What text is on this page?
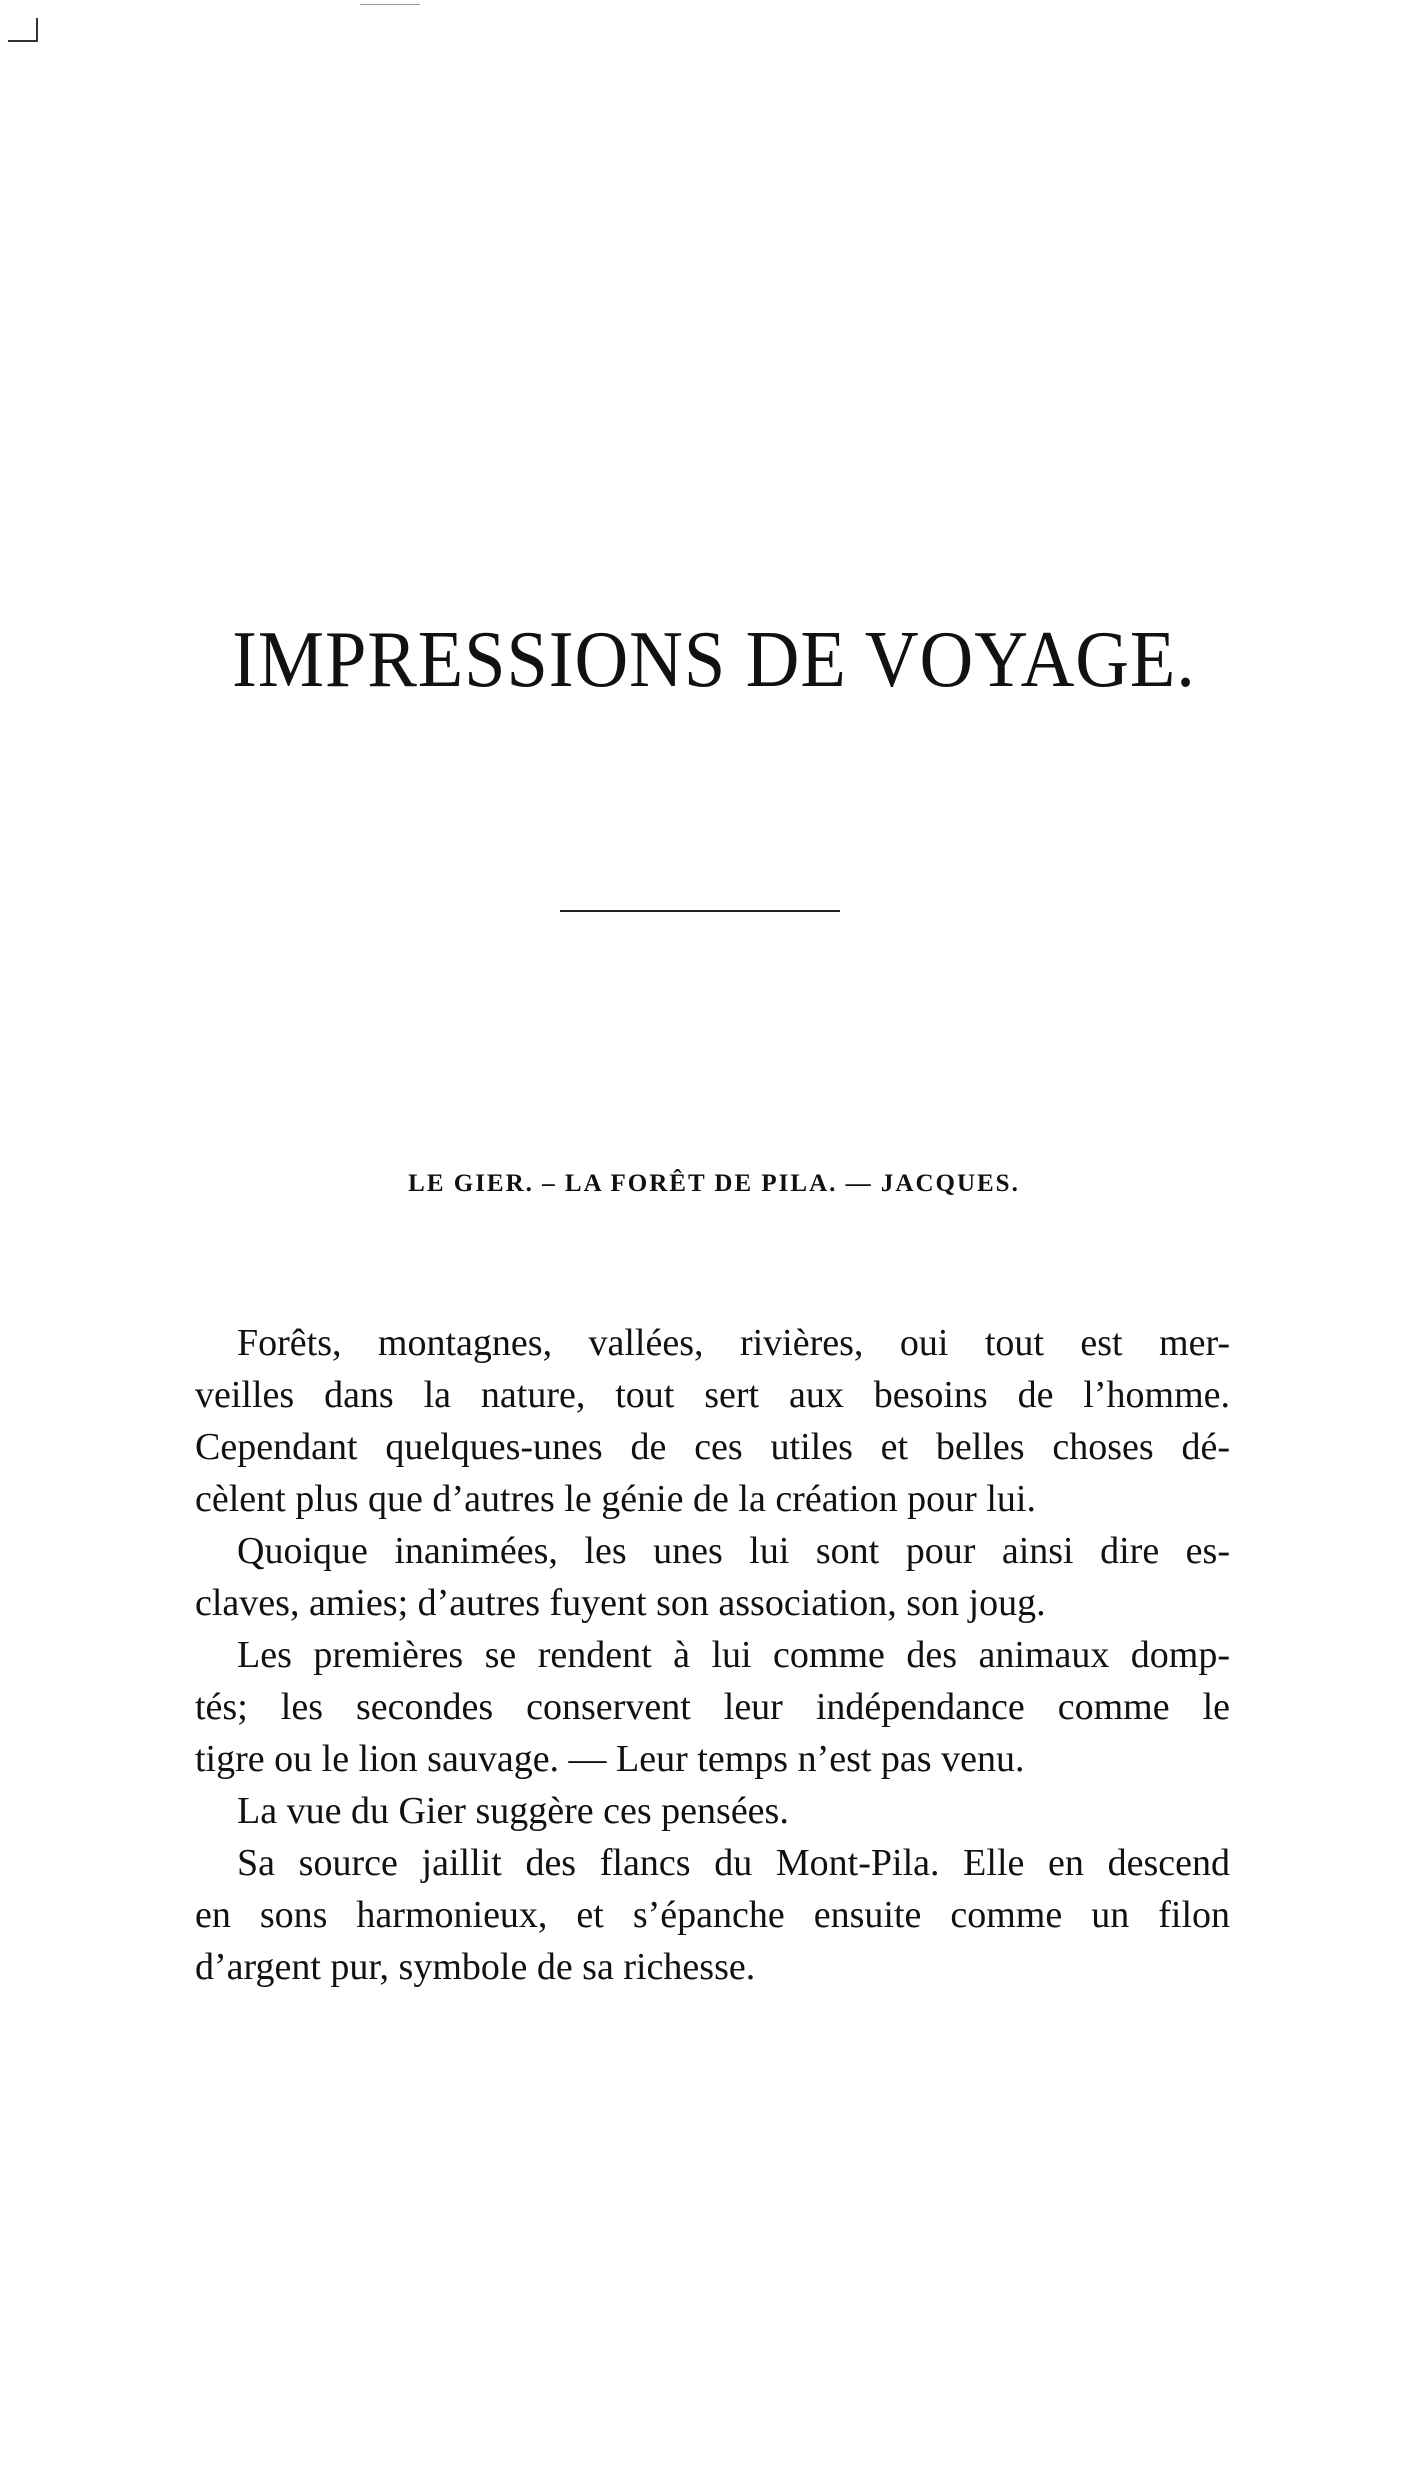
IMPRESSIONS DE VOYAGE.
LE GIER. – LA FORÊT DE PILA. — JACQUES.

Forêts, montagnes, vallées, rivières, oui tout est mer-
veilles dans la nature, tout sert aux besoins de l’homme.
Cependant quelques-unes de ces utiles et belles choses dé-
cèlent plus que d’autres le génie de la création pour lui.

Quoique inanimées, les unes lui sont pour ainsi dire es-
claves, amies; d’autres fuyent son association, son joug.

Les premières se rendent à lui comme des animaux domp-
tés; les secondes conservent leur indépendance comme le
tigre ou le lion sauvage. — Leur temps n’est pas venu.

La vue du Gier suggère ces pensées.

Sa source jaillit des flancs du Mont-Pila. Elle en descend
en sons harmonieux, et s’épanche ensuite comme un filon
d’argent pur, symbole de sa richesse.
